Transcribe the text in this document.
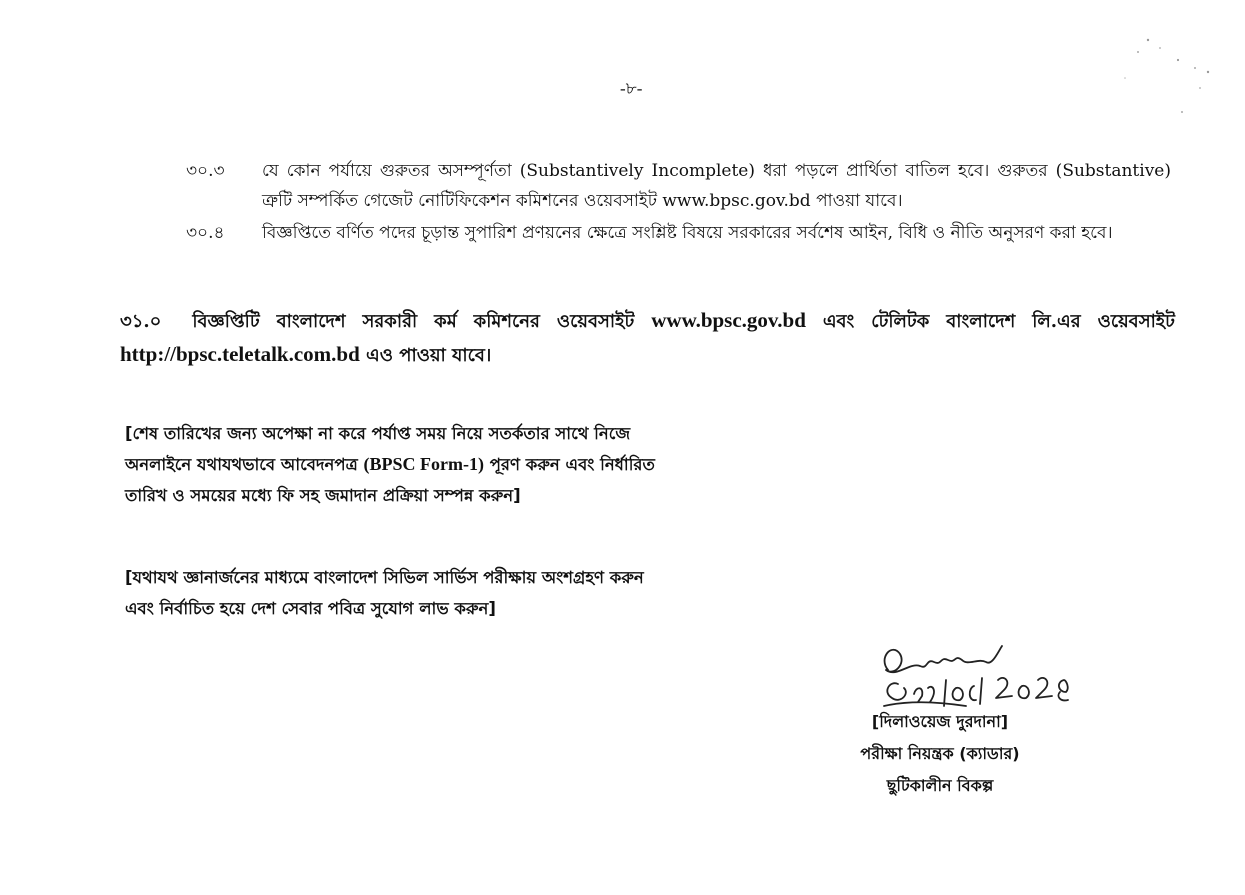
-৮-
৩০.৩	যে কোন পর্যায়ে গুরুতর অসম্পূর্ণতা (Substantively Incomplete) ধরা পড়লে প্রার্থিতা বাতিল হবে। গুরুতর (Substantive) ত্রুটি সম্পর্কিত গেজেট নোটিফিকেশন কমিশনের ওয়েবসাইট www.bpsc.gov.bd পাওয়া যাবে।
৩০.৪	বিজ্ঞপ্তিতে বর্ণিত পদের চূড়ান্ত সুপারিশ প্রণয়নের ক্ষেত্রে সংশ্লিষ্ট বিষয়ে সরকারের সর্বশেষ আইন, বিধি ও নীতি অনুসরণ করা হবে।
৩১.০ বিজ্ঞপ্তিটি বাংলাদেশ সরকারী কর্ম কমিশনের ওয়েবসাইট www.bpsc.gov.bd এবং টেলিটক বাংলাদেশ লি.এর ওয়েবসাইট http://bpsc.teletalk.com.bd এও পাওয়া যাবে।
[শেষ তারিখের জন্য অপেক্ষা না করে পর্যাপ্ত সময় নিয়ে সতর্কতার সাথে নিজে অনলাইনে যথাযথভাবে আবেদনপত্র (BPSC Form-1) পূরণ করুন এবং নির্ধারিত তারিখ ও সময়ের মধ্যে ফি সহ জমাদান প্রক্রিয়া সম্পন্ন করুন]
[যথাযথ জ্ঞানার্জনের মাধ্যমে বাংলাদেশ সিভিল সার্ভিস পরীক্ষায় অংশগ্রহণ করুন এবং নির্বাচিত হয়ে দেশ সেবার পবিত্র সুযোগ লাভ করুন]
[দিলাওয়েজ দুরদানা]
পরীক্ষা নিয়ন্ত্রক (ক্যাডার)
ছুটিকালীন বিকল্প
